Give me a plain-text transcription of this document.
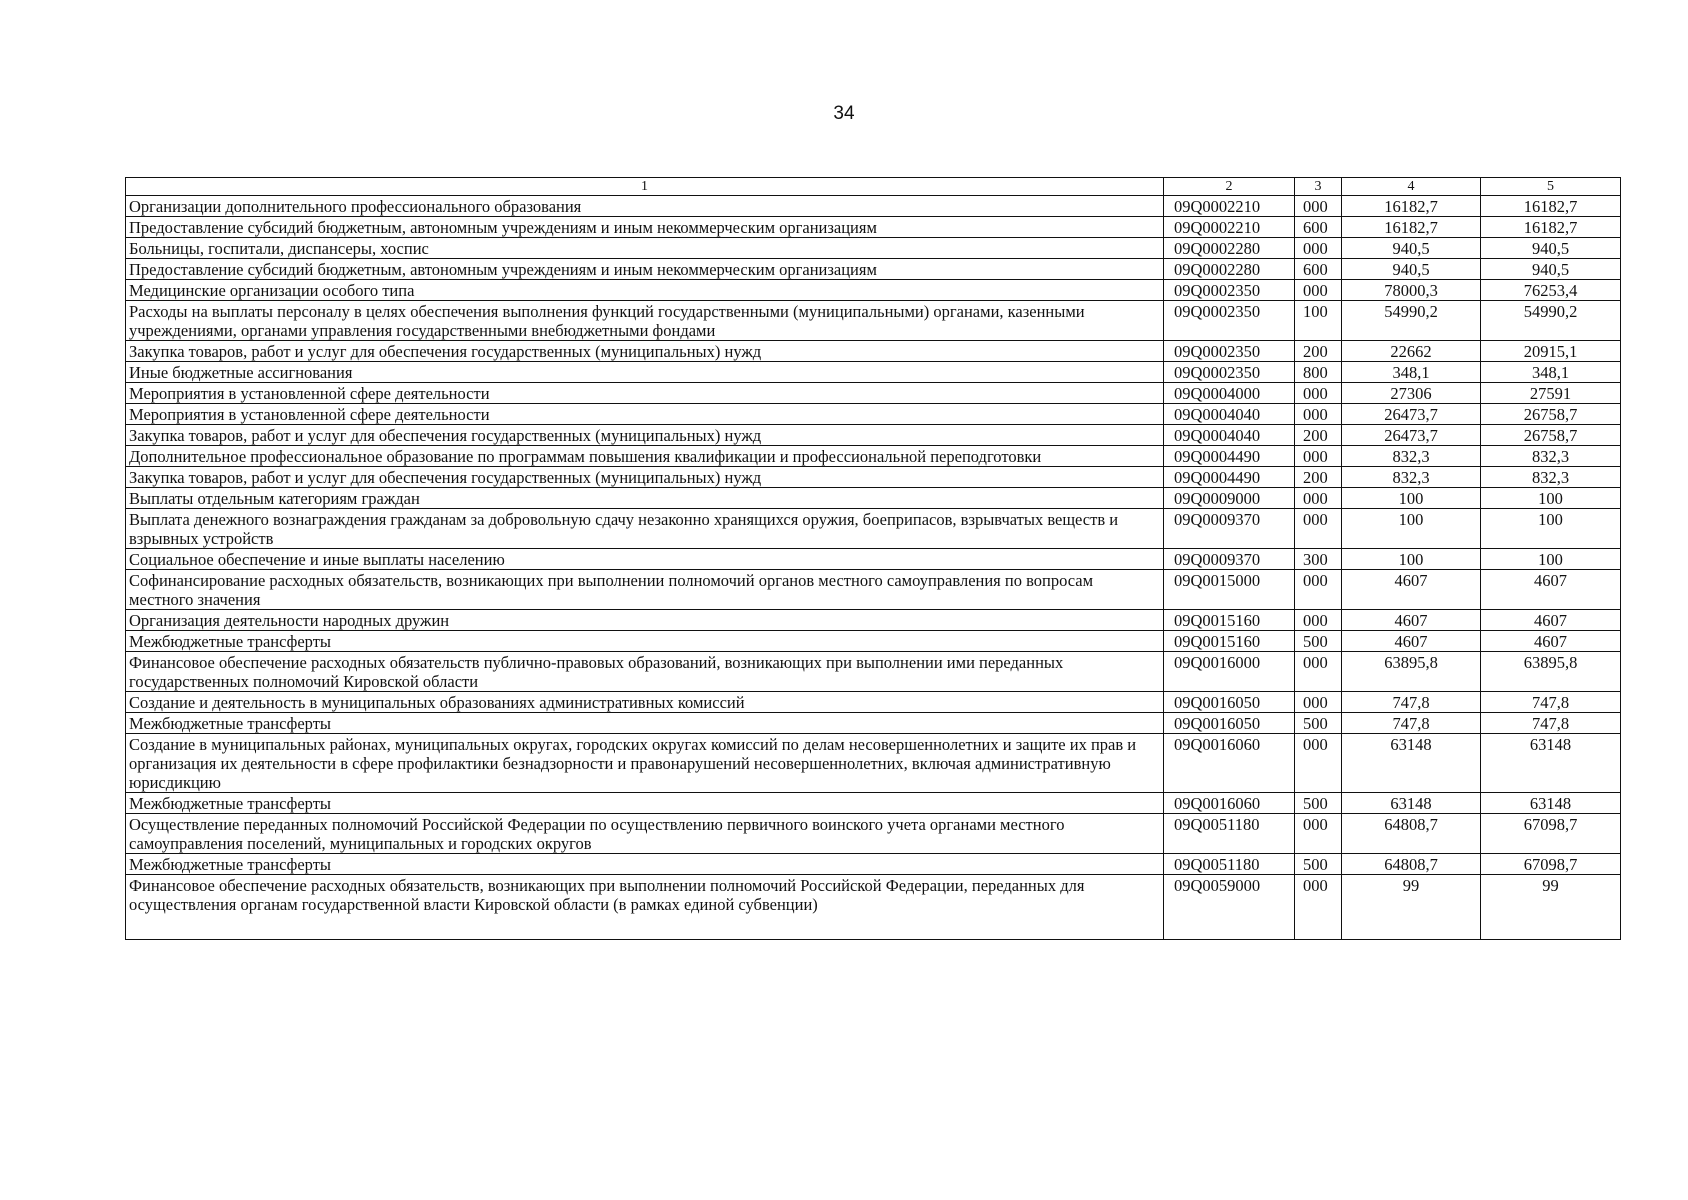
34
1	2	3	4	5
Организации дополнительного профессионального образования	09Q0002210	000	16182,7	16182,7
Предоставление субсидий бюджетным, автономным учреждениям и иным некоммерческим организациям	09Q0002210	600	16182,7	16182,7
Больницы, госпитали, диспансеры, хоспис	09Q0002280	000	940,5	940,5
Предоставление субсидий бюджетным, автономным учреждениям и иным некоммерческим организациям	09Q0002280	600	940,5	940,5
Медицинские организации особого типа	09Q0002350	000	78000,3	76253,4
Расходы на выплаты персоналу в целях обеспечения выполнения функций государственными (муниципальными) органами, казенными учреждениями, органами управления государственными внебюджетными фондами	09Q0002350	100	54990,2	54990,2
Закупка товаров, работ и услуг для обеспечения государственных (муниципальных) нужд	09Q0002350	200	22662	20915,1
Иные бюджетные ассигнования	09Q0002350	800	348,1	348,1
Мероприятия в установленной сфере деятельности	09Q0004000	000	27306	27591
Мероприятия в установленной сфере деятельности	09Q0004040	000	26473,7	26758,7
Закупка товаров, работ и услуг для обеспечения государственных (муниципальных) нужд	09Q0004040	200	26473,7	26758,7
Дополнительное профессиональное образование по программам повышения квалификации и профессиональной переподготовки	09Q0004490	000	832,3	832,3
Закупка товаров, работ и услуг для обеспечения государственных (муниципальных) нужд	09Q0004490	200	832,3	832,3
Выплаты отдельным категориям граждан	09Q0009000	000	100	100
Выплата денежного вознаграждения гражданам за добровольную сдачу незаконно хранящихся оружия, боеприпасов, взрывчатых веществ и взрывных устройств	09Q0009370	000	100	100
Социальное обеспечение и иные выплаты населению	09Q0009370	300	100	100
Софинансирование расходных обязательств, возникающих при выполнении полномочий органов местного самоуправления по вопросам местного значения	09Q0015000	000	4607	4607
Организация деятельности народных дружин	09Q0015160	000	4607	4607
Межбюджетные трансферты	09Q0015160	500	4607	4607
Финансовое обеспечение расходных обязательств публично-правовых образований, возникающих при выполнении ими переданных государственных полномочий Кировской области	09Q0016000	000	63895,8	63895,8
Создание и деятельность в муниципальных образованиях административных комиссий	09Q0016050	000	747,8	747,8
Межбюджетные трансферты	09Q0016050	500	747,8	747,8
Создание в муниципальных районах, муниципальных округах, городских округах комиссий по делам несовершеннолетних и защите их прав и организация их деятельности в сфере профилактики безнадзорности и правонарушений несовершеннолетних, включая административную юрисдикцию	09Q0016060	000	63148	63148
Межбюджетные трансферты	09Q0016060	500	63148	63148
Осуществление переданных полномочий Российской Федерации по осуществлению первичного воинского учета органами местного самоуправления поселений, муниципальных и городских округов	09Q0051180	000	64808,7	67098,7
Межбюджетные трансферты	09Q0051180	500	64808,7	67098,7
Финансовое обеспечение расходных обязательств, возникающих при выполнении полномочий Российской Федерации, переданных для осуществления органам государственной власти Кировской области (в рамках единой субвенции)	09Q0059000	000	99	99
